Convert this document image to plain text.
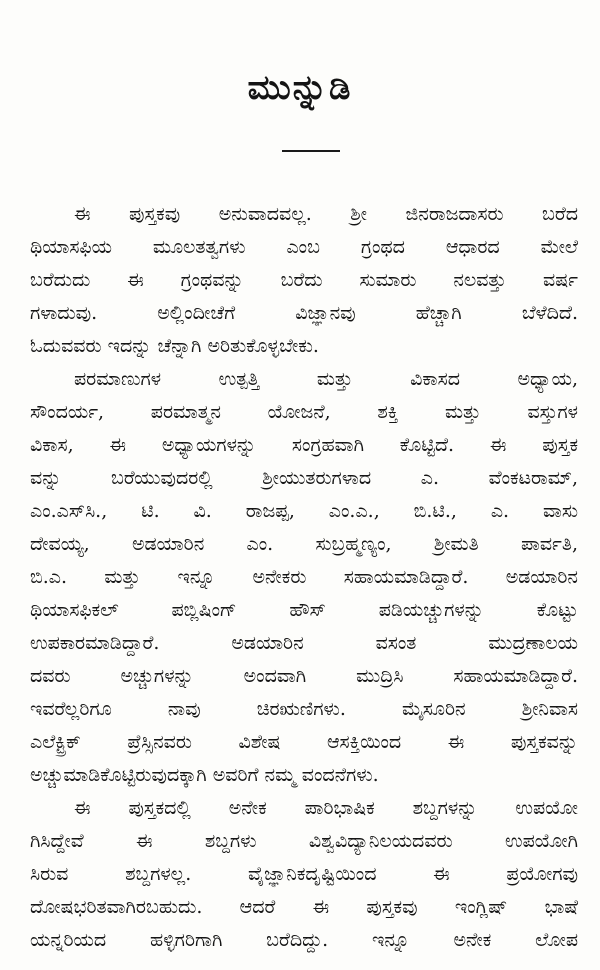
ಮುನ್ನುಡಿ
ಈ ಪುಸ್ತಕವು ಅನುವಾದವಲ್ಲ. ಶ್ರೀ ಜಿನರಾಜದಾಸರು ಬರೆದ
ಥಿಯಾಸಫಿಯ ಮೂಲತತ್ವಗಳು ಎಂಬ ಗ್ರಂಥದ ಆಧಾರದ ಮೇಲೆ
ಬರೆದುದು ಈ ಗ್ರಂಥವನ್ನು ಬರೆದು ಸುಮಾರು ನಲವತ್ತು ವರ್ಷ
ಗಳಾದುವು. ಅಲ್ಲಿಂದೀಚೆಗೆ ವಿಜ್ಞಾನವು ಹೆಚ್ಚಾಗಿ ಬೆಳೆದಿದೆ.
ಓದುವವರು ಇದನ್ನು ಚೆನ್ನಾಗಿ ಅರಿತುಕೊಳ್ಳಬೇಕು.
ಪರಮಾಣುಗಳ ಉತ್ಪತ್ತಿ ಮತ್ತು ವಿಕಾಸದ ಅಧ್ಯಾಯ,
ಸೌಂದರ್ಯ, ಪರಮಾತ್ಮನ ಯೋಜನೆ, ಶಕ್ತಿ ಮತ್ತು ವಸ್ತುಗಳ
ವಿಕಾಸ, ಈ ಅಧ್ಯಾಯಗಳನ್ನು ಸಂಗ್ರಹವಾಗಿ ಕೊಟ್ಟಿದೆ. ಈ ಪುಸ್ತಕ
ವನ್ನು ಬರೆಯುವುದರಲ್ಲಿ ಶ್ರೀಯುತರುಗಳಾದ ಎ. ವೆಂಕಟರಾಮ್,
ಎಂ.ಎಸ್‌ಸಿ., ಟಿ. ವಿ. ರಾಜಪ್ಪ, ಎಂ.ಎ., ಬಿ.ಟಿ., ಎ. ವಾಸು
ದೇವಯ್ಯ, ಅಡಯಾರಿನ ಎಂ. ಸುಬ್ರಹ್ಮಣ್ಯಂ, ಶ್ರೀಮತಿ ಪಾರ್ವತಿ,
ಬಿ.ಎ. ಮತ್ತು ಇನ್ನೂ ಅನೇಕರು ಸಹಾಯಮಾಡಿದ್ದಾರೆ. ಅಡಯಾರಿನ
ಥಿಯಾಸಫಿಕಲ್ ಪಬ್ಲಿಷಿಂಗ್ ಹೌಸ್ ಪಡಿಯಚ್ಚುಗಳನ್ನು ಕೊಟ್ಟು
ಉಪಕಾರಮಾಡಿದ್ದಾರೆ. ಅಡಯಾರಿನ ವಸಂತ ಮುದ್ರಣಾಲಯ
ದವರು ಅಚ್ಚುಗಳನ್ನು ಅಂದವಾಗಿ ಮುದ್ರಿಸಿ ಸಹಾಯಮಾಡಿದ್ದಾರೆ.
ಇವರೆಲ್ಲರಿಗೂ ನಾವು ಚಿರಋಣಿಗಳು. ಮೈಸೂರಿನ ಶ್ರೀನಿವಾಸ
ಎಲೆಕ್ಟ್ರಿಕ್ ಪ್ರೆಸ್ಸಿನವರು ವಿಶೇಷ ಆಸಕ್ತಿಯಿಂದ ಈ ಪುಸ್ತಕವನ್ನು
ಅಚ್ಚುಮಾಡಿಕೊಟ್ಟಿರುವುದಕ್ಕಾಗಿ ಅವರಿಗೆ ನಮ್ಮ ವಂದನೆಗಳು.
ಈ ಪುಸ್ತಕದಲ್ಲಿ ಅನೇಕ ಪಾರಿಭಾಷಿಕ ಶಬ್ದಗಳನ್ನು ಉಪಯೋ
ಗಿಸಿದ್ದೇವೆ ಈ ಶಬ್ದಗಳು ವಿಶ್ವವಿದ್ಯಾನಿಲಯದವರು ಉಪಯೋಗಿ
ಸಿರುವ ಶಬ್ದಗಳಲ್ಲ. ವೈಜ್ಞಾನಿಕದೃಷ್ಟಿಯಿಂದ ಈ ಪ್ರಯೋಗವು
ದೋಷಭರಿತವಾಗಿರಬಹುದು. ಆದರೆ ಈ ಪುಸ್ತಕವು ಇಂಗ್ಲಿಷ್ ಭಾಷೆ
ಯನ್ನರಿಯದ ಹಳ್ಳಿಗರಿಗಾಗಿ ಬರೆದಿದ್ದು. ಇನ್ನೂ ಅನೇಕ ಲೋಪ
